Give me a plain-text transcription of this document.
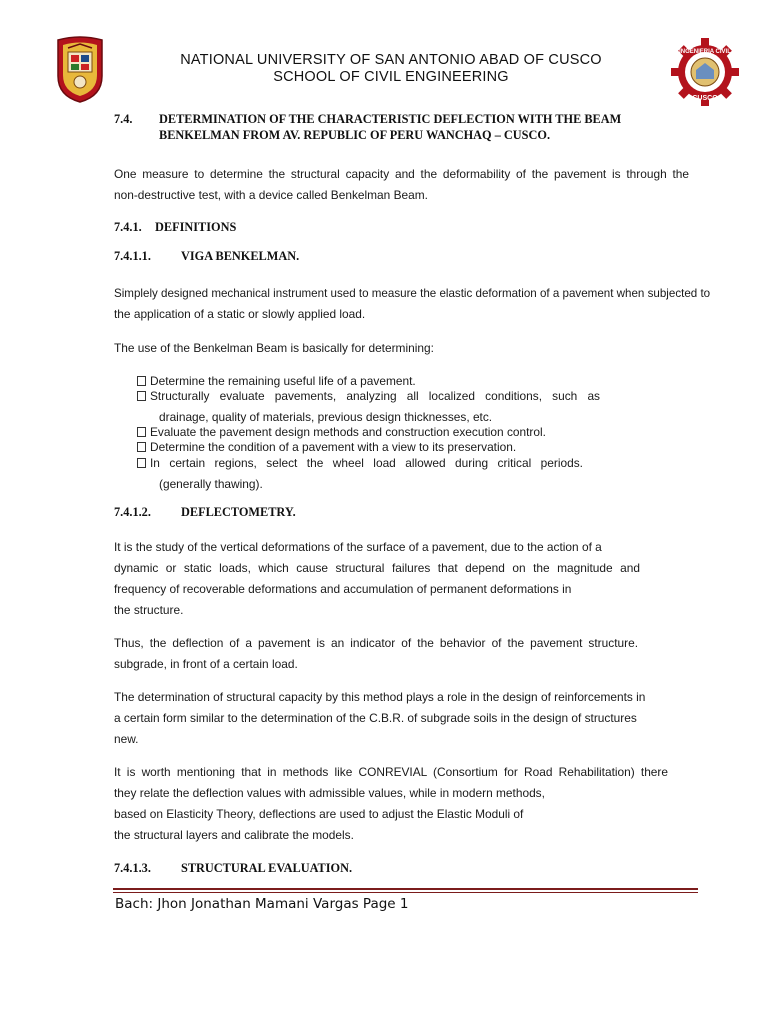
NATIONAL UNIVERSITY OF SAN ANTONIO ABAD OF CUSCO
SCHOOL OF CIVIL ENGINEERING
INGENIERIA CIVIL
CUSCO
7.4. DETERMINATION OF THE CHARACTERISTIC DEFLECTION WITH THE BEAM
BENKELMAN FROM AV. REPUBLIC OF PERU WANCHAQ – CUSCO.
One measure to determine the structural capacity and the deformability of the pavement is through the
non-destructive test, with a device called Benkelman Beam.
7.4.1. DEFINITIONS
7.4.1.1. VIGA BENKELMAN.
Simplely designed mechanical instrument used to measure the elastic deformation of a pavement when subjected to
the application of a static or slowly applied load.
The use of the Benkelman Beam is basically for determining:
Determine the remaining useful life of a pavement.
Structurally evaluate pavements, analyzing all localized conditions, such as
drainage, quality of materials, previous design thicknesses, etc.
Evaluate the pavement design methods and construction execution control.
Determine the condition of a pavement with a view to its preservation.
In certain regions, select the wheel load allowed during critical periods.
(generally thawing).
7.4.1.2. DEFLECTOMETRY.
It is the study of the vertical deformations of the surface of a pavement, due to the action of a
dynamic or static loads, which cause structural failures that depend on the magnitude and
frequency of recoverable deformations and accumulation of permanent deformations in
the structure.
Thus, the deflection of a pavement is an indicator of the behavior of the pavement structure.
subgrade, in front of a certain load.
The determination of structural capacity by this method plays a role in the design of reinforcements in
a certain form similar to the determination of the C.B.R. of subgrade soils in the design of structures
new.
It is worth mentioning that in methods like CONREVIAL (Consortium for Road Rehabilitation) there
they relate the deflection values with admissible values, while in modern methods,
based on Elasticity Theory, deflections are used to adjust the Elastic Moduli of
the structural layers and calibrate the models.
7.4.1.3. STRUCTURAL EVALUATION.
Bach: Jhon Jonathan Mamani Vargas Page 1
